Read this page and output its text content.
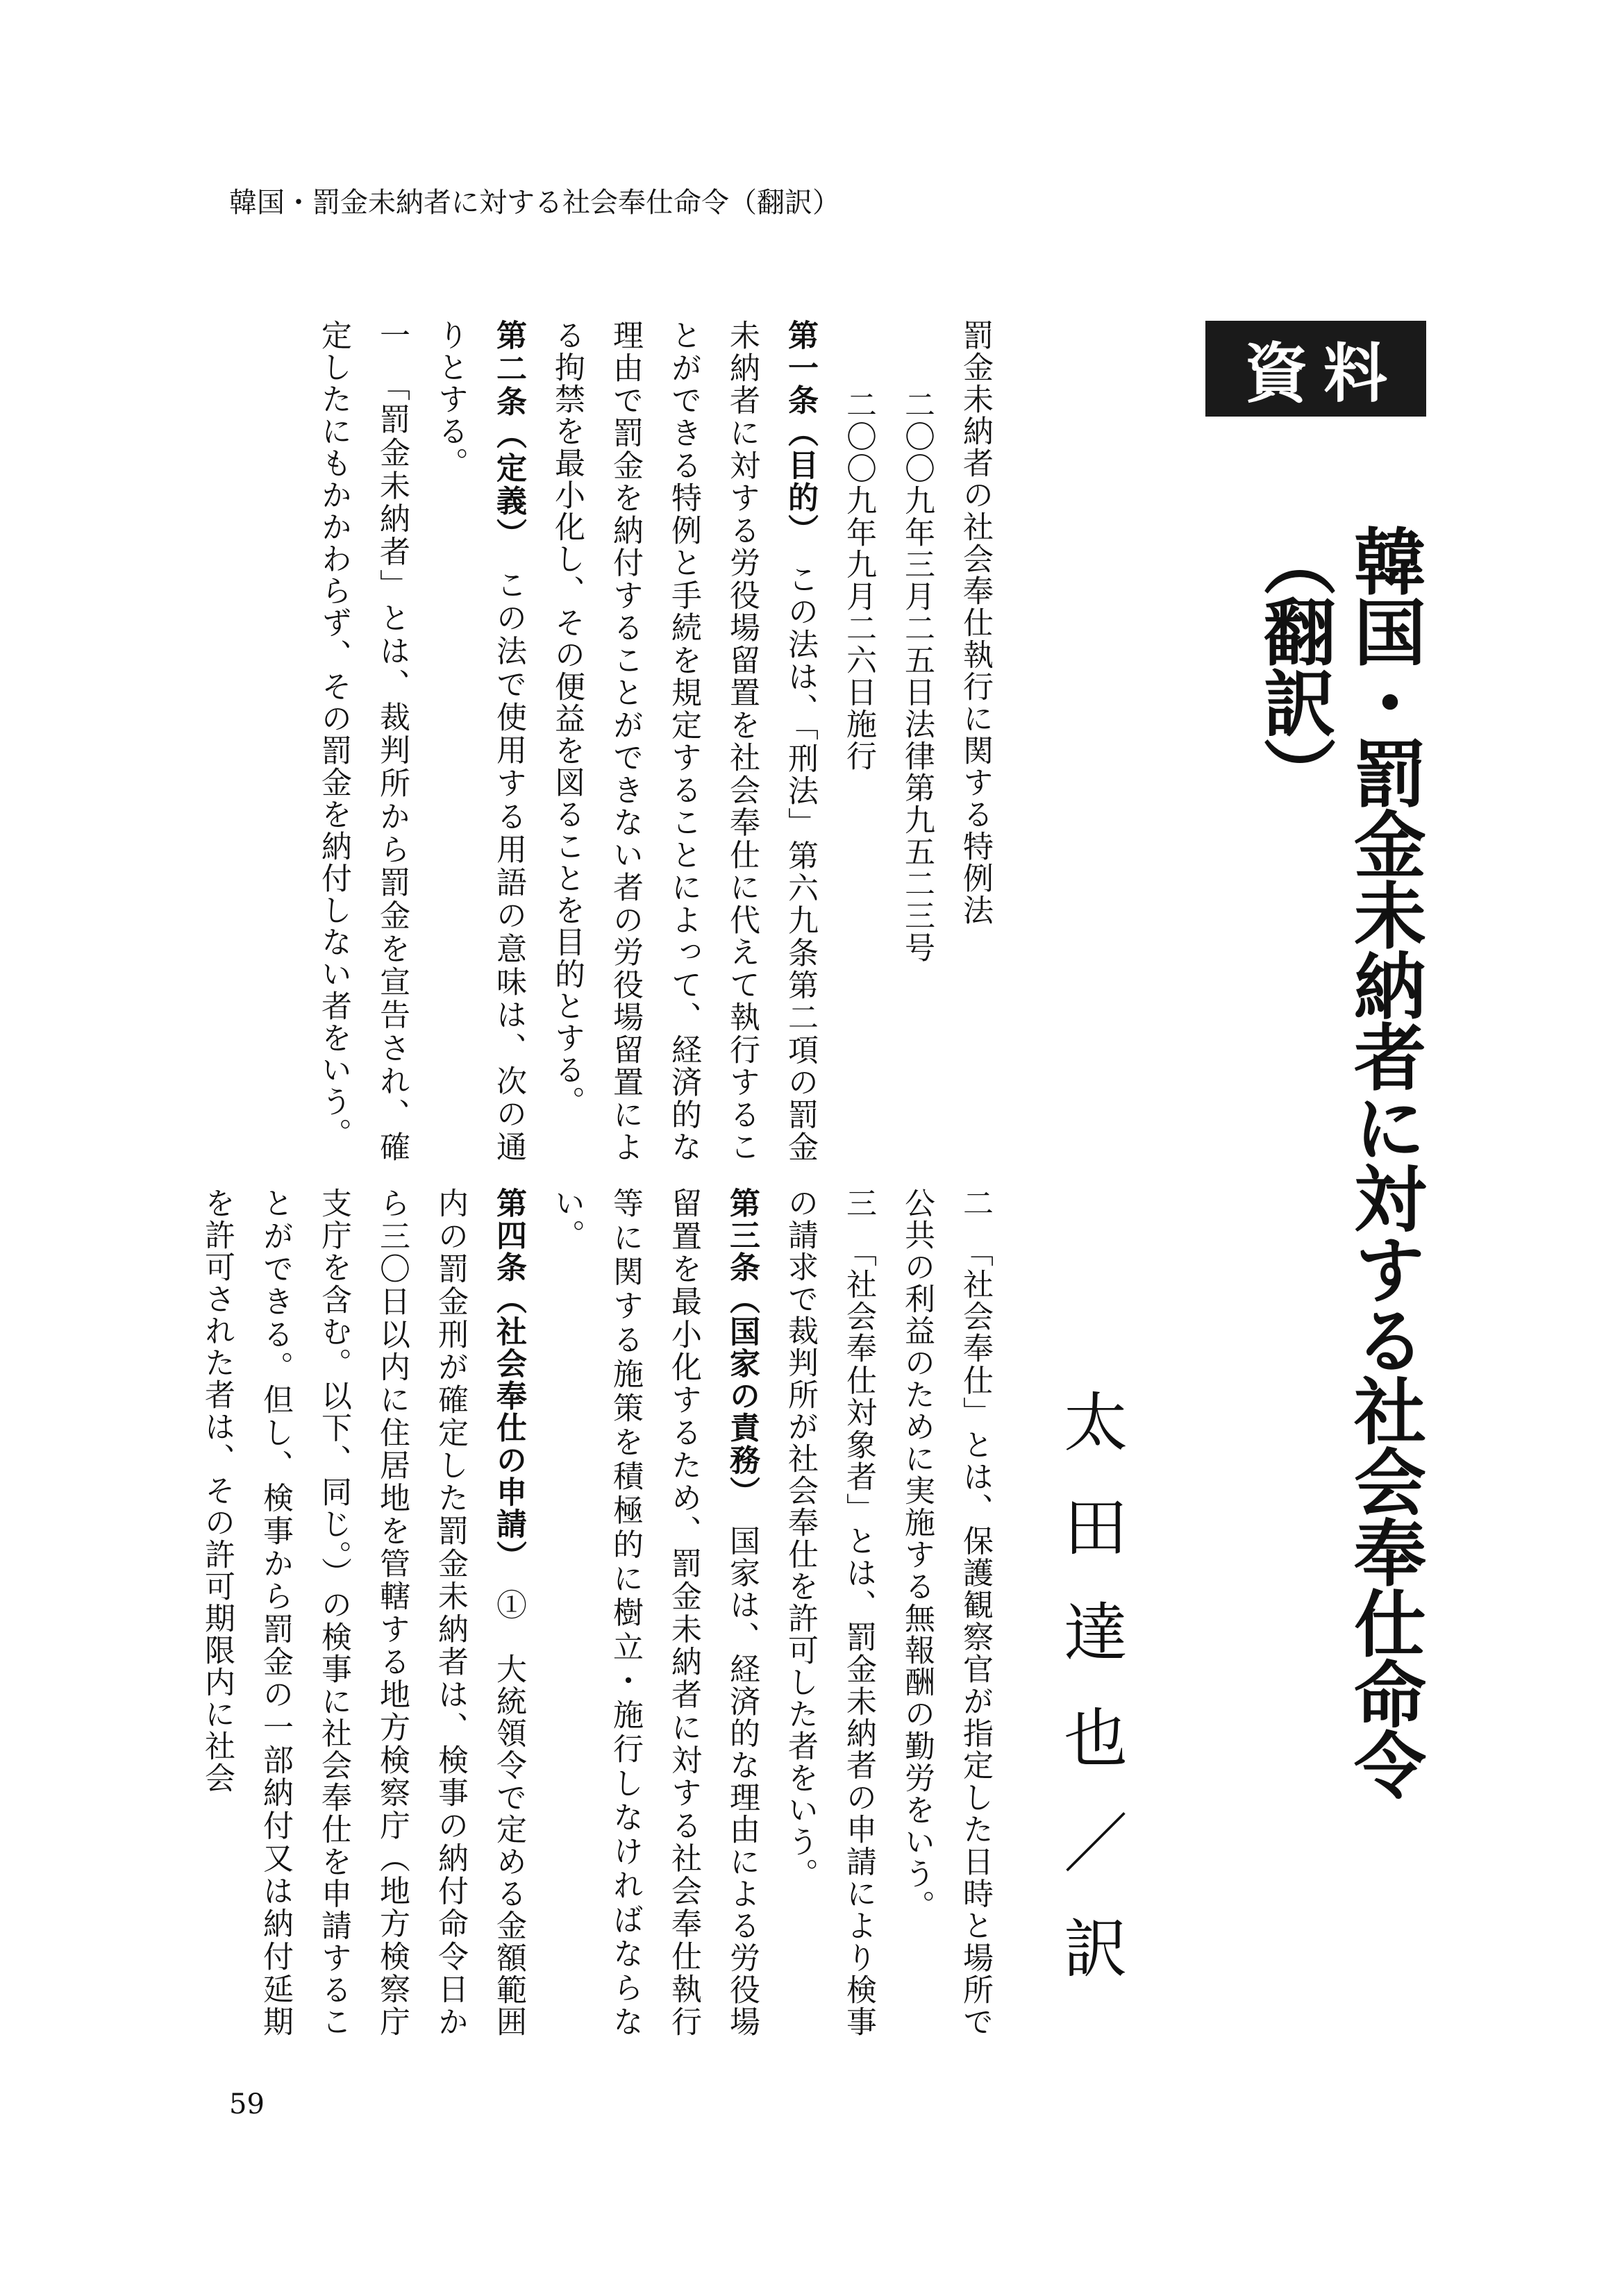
韓国・罰金未納者に対する社会奉仕命令（翻訳）
資料
韓国・罰金未納者に対する社会奉仕命令（翻訳）
太田達也／訳
罰金未納者の社会奉仕執行に関する特例法
二〇〇九年三月二五日法律第九五二三号
二〇〇九年九月二六日施行
第一条（目的）　この法は、「刑法」第六九条第二項の罰金未納者に対する労役場留置を社会奉仕に代えて執行することができる特例と手続を規定することによって、経済的な理由で罰金を納付することができない者の労役場留置による拘禁を最小化し、その便益を図ることを目的とする。
第二条（定義）　この法で使用する用語の意味は、次の通りとする。
一　「罰金未納者」とは、裁判所から罰金を宣告され、確定したにもかかわらず、その罰金を納付しない者をいう。
二　「社会奉仕」とは、保護観察官が指定した日時と場所で公共の利益のために実施する無報酬の勤労をいう。
三　「社会奉仕対象者」とは、罰金未納者の申請により検事の請求で裁判所が社会奉仕を許可した者をいう。
第三条（国家の責務）　国家は、経済的な理由による労役場留置を最小化するため、罰金未納者に対する社会奉仕執行等に関する施策を積極的に樹立・施行しなければならない。
第四条（社会奉仕の申請）　①　大統領令で定める金額範囲内の罰金刑が確定した罰金未納者は、検事の納付命令日から三〇日以内に住居地を管轄する地方検察庁（地方検察庁支庁を含む。以下、同じ。）の検事に社会奉仕を申請することができる。但し、検事から罰金の一部納付又は納付延期を許可された者は、その許可期限内に社会
59
